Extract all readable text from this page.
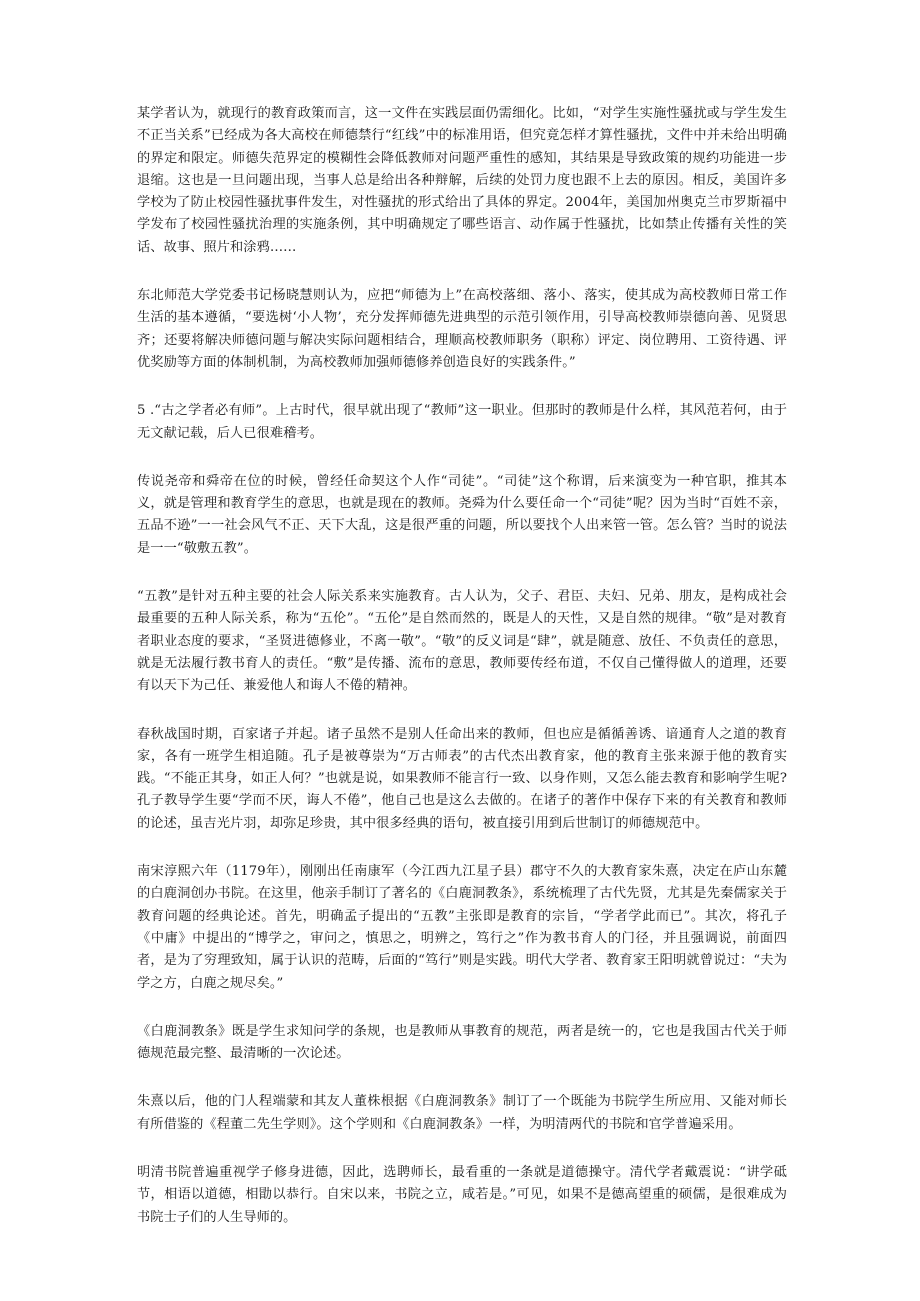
某学者认为，就现行的教育政策而言，这一文件在实践层面仍需细化。比如，“对学生实施性骚扰或与学生发生不正当关系”已经成为各大高校在师德禁行“红线”中的标准用语，但究竟怎样才算性骚扰，文件中并未给出明确的界定和限定。师德失范界定的模糊性会降低教师对问题严重性的感知，其结果是导致政策的规约功能进一步退缩。这也是一旦问题出现，当事人总是给出各种辩解，后续的处罚力度也跟不上去的原因。相反，美国许多学校为了防止校园性骚扰事件发生，对性骚扰的形式给出了具体的界定。2004年，美国加州奥克兰市罗斯福中学发布了校园性骚扰治理的实施条例，其中明确规定了哪些语言、动作属于性骚扰，比如禁止传播有关性的笑话、故事、照片和涂鸦……

东北师范大学党委书记杨晓慧则认为，应把“师德为上”在高校落细、落小、落实，使其成为高校教师日常工作生活的基本遵循，“要选树‘小人物’，充分发挥师德先进典型的示范引领作用，引导高校教师崇德向善、见贤思齐；还要将解决师德问题与解决实际问题相结合，理顺高校教师职务（职称）评定、岗位聘用、工资待遇、评优奖励等方面的体制机制，为高校教师加强师德修养创造良好的实践条件。”

5 .“古之学者必有师”。上古时代，很早就出现了“教师”这一职业。但那时的教师是什么样，其风范若何，由于无文献记载，后人已很难稽考。

传说尧帝和舜帝在位的时候，曾经任命契这个人作“司徒”。“司徒”这个称谓，后来演变为一种官职，推其本义，就是管理和教育学生的意思，也就是现在的教师。尧舜为什么要任命一个“司徒”呢？因为当时“百姓不亲，五品不逊”一一社会风气不正、天下大乱，这是很严重的问题，所以要找个人出来管一管。怎么管？当时的说法是一一“敬敷五教”。

“五教”是针对五种主要的社会人际关系来实施教育。古人认为，父子、君臣、夫妇、兄弟、朋友，是构成社会最重要的五种人际关系，称为“五伦”。“五伦”是自然而然的，既是人的天性，又是自然的规律。“敬”是对教育者职业态度的要求，“圣贤进德修业，不离一敬”。“敬”的反义词是“肆”，就是随意、放任、不负责任的意思，就是无法履行教书育人的责任。“敷”是传播、流布的意思，教师要传经布道，不仅自己懂得做人的道理，还要有以天下为己任、兼爱他人和诲人不倦的精神。

春秋战国时期，百家诸子并起。诸子虽然不是别人任命出来的教师，但也应是循循善诱、谙通育人之道的教育家，各有一班学生相追随。孔子是被尊崇为“万古师表”的古代杰出教育家，他的教育主张来源于他的教育实践。“不能正其身，如正人何？”也就是说，如果教师不能言行一致、以身作则，又怎么能去教育和影响学生呢?孔子教导学生要“学而不厌，诲人不倦”，他自己也是这么去做的。在诸子的著作中保存下来的有关教育和教师的论述，虽吉光片羽，却弥足珍贵，其中很多经典的语句，被直接引用到后世制订的师德规范中。

南宋淳熙六年（1179年），刚刚出任南康军（今江西九江星子县）郡守不久的大教育家朱熹，决定在庐山东麓的白鹿洞创办书院。在这里，他亲手制订了著名的《白鹿洞教条》，系统梳理了古代先贤，尤其是先秦儒家关于教育问题的经典论述。首先，明确孟子提出的“五教”主张即是教育的宗旨，“学者学此而已”。其次，将孔子《中庸》中提出的“博学之，审问之，慎思之，明辨之，笃行之”作为教书育人的门径，并且强调说，前面四者，是为了穷理致知，属于认识的范畴，后面的“笃行”则是实践。明代大学者、教育家王阳明就曾说过：“夫为学之方，白鹿之规尽矣。”

《白鹿洞教条》既是学生求知问学的条规，也是教师从事教育的规范，两者是统一的，它也是我国古代关于师德规范最完整、最清晰的一次论述。

朱熹以后，他的门人程端蒙和其友人董株根据《白鹿洞教条》制订了一个既能为书院学生所应用、又能对师长有所借鉴的《程董二先生学则》。这个学则和《白鹿洞教条》一样，为明清两代的书院和官学普遍采用。

明清书院普遍重视学子修身进德，因此，选聘师长，最看重的一条就是道德操守。清代学者戴震说：“讲学砥节，相语以道德，相勖以恭行。自宋以来，书院之立，咸若是。”可见，如果不是德高望重的硕儒，是很难成为书院士子们的人生导师的。
